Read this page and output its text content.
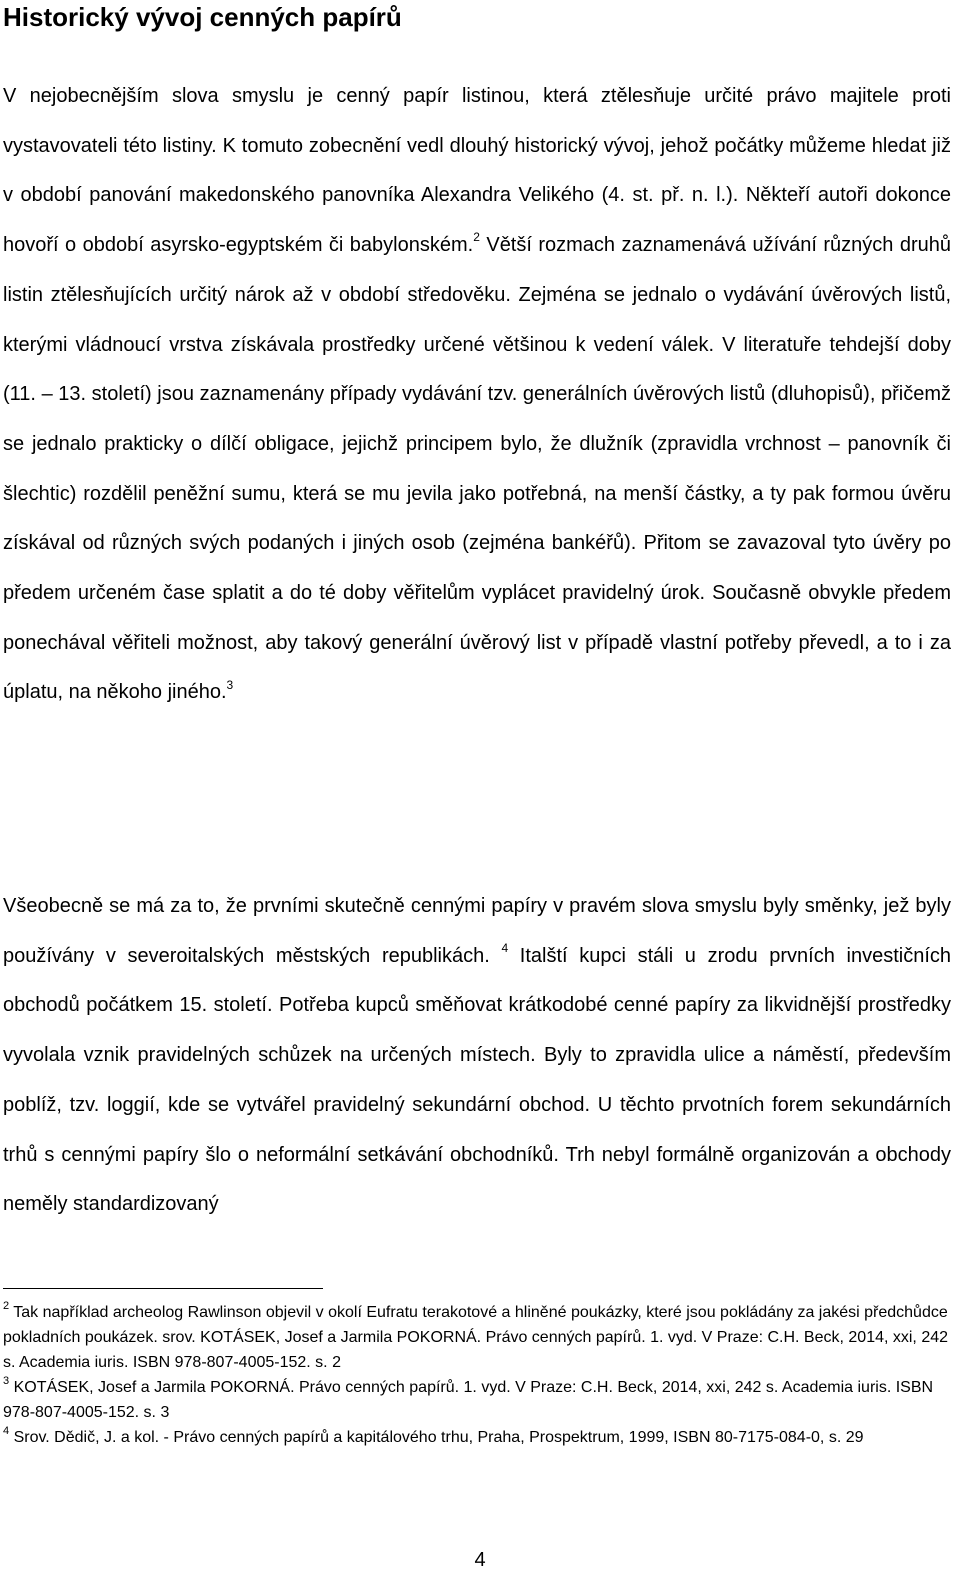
Historický vývoj cenných papírů

V nejobecnějším slova smyslu je cenný papír listinou, která ztělesňuje určité právo majitele proti vystavovateli této listiny. K tomuto zobecnění vedl dlouhý historický vývoj, jehož počátky můžeme hledat již v období panování makedonského panovníka Alexandra Velikého (4. st. př. n. l.). Někteří autoři dokonce hovoří o období asyrsko-egyptském či babylonském.$^2$ Větší rozmach zaznamenává užívání různých druhů listin ztělesňujících určitý nárok až v období středověku. Zejména se jednalo o vydávání úvěrových listů, kterými vládnoucí vrstva získávala prostředky určené většinou k vedení válek. V literatuře tehdejší doby (11. – 13. století) jsou zaznamenány případy vydávání tzv. generálních úvěrových listů (dluhopisů), přičemž se jednalo prakticky o dílčí obligace, jejichž principem bylo, že dlužník (zpravidla vrchnost – panovník či šlechtic) rozdělil peněžní sumu, která se mu jevila jako potřebná, na menší částky, a ty pak formou úvěru získával od různých svých podaných i jiných osob (zejména bankéřů). Přitom se zavazoval tyto úvěry po předem určeném čase splatit a do té doby věřitelům vyplácet pravidelný úrok. Současně obvykle předem ponechával věřiteli možnost, aby takový generální úvěrový list v případě vlastní potřeby převedl, a to i za úplatu, na někoho jiného.$^3$

Všeobecně se má za to, že prvními skutečně cennými papíry v pravém slova smyslu byly směnky, jež byly používány v severoitalských městských republikách. $^4$ Italští kupci stáli u zrodu prvních investičních obchodů počátkem 15. století. Potřeba kupců směňovat krátkodobé cenné papíry za likvidnější prostředky vyvolala vznik pravidelných schůzek na určených místech. Byly to zpravidla ulice a náměstí, především poblíž, tzv. loggií, kde se vytvářel pravidelný sekundární obchod. U těchto prvotních forem sekundárních trhů s cennými papíry šlo o neformální setkávání obchodníků. Trh nebyl formálně organizován a obchody neměly standardizovaný

$^2$ Tak například archeolog Rawlinson objevil v okolí Eufratu terakotové a hliněné poukázky, které jsou pokládány za jakési předchůdce pokladních poukázek. srov. KOTÁSEK, Josef a Jarmila POKORNÁ. Právo cenných papírů. 1. vyd. V Praze: C.H. Beck, 2014, xxi, 242 s. Academia iuris. ISBN 978-807-4005-152. s. 2
$^3$ KOTÁSEK, Josef a Jarmila POKORNÁ. Právo cenných papírů. 1. vyd. V Praze: C.H. Beck, 2014, xxi, 242 s. Academia iuris. ISBN 978-807-4005-152. s. 3
$^4$ Srov. Dědič, J. a kol. - Právo cenných papírů a kapitálového trhu, Praha, Prospektrum, 1999, ISBN 80-7175-084-0, s. 29
4
